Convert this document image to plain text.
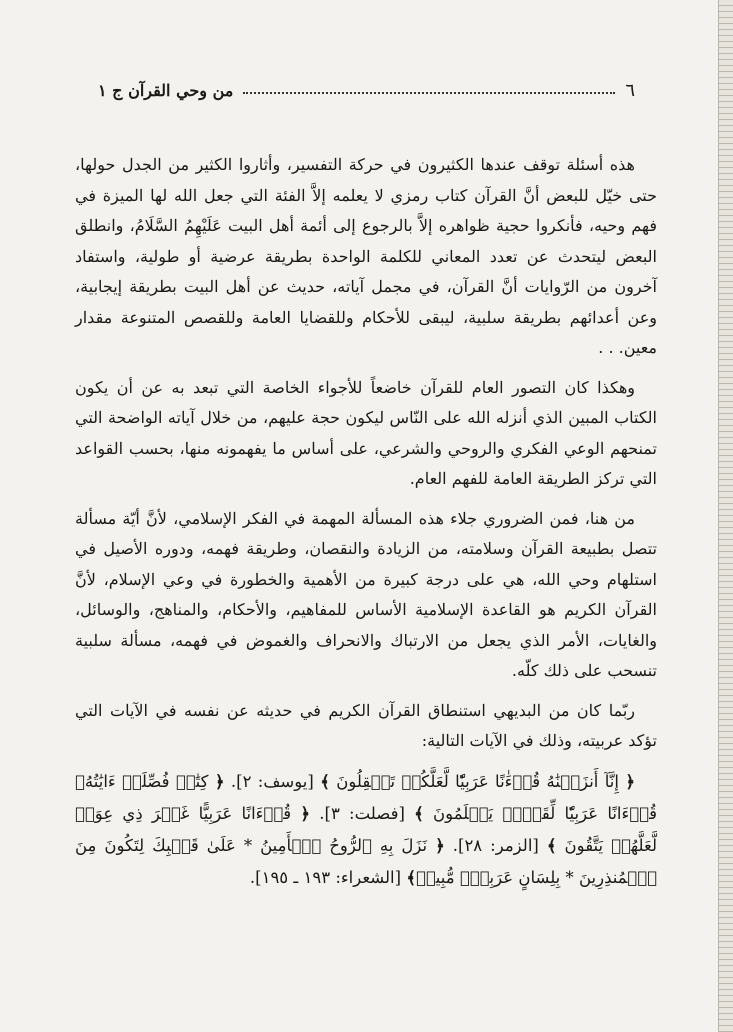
٦
من وحي القرآن ج ١

هذه أسئلة توقف عندها الكثيرون في حركة التفسير، وأثاروا الكثير من الجدل حولها، حتى خيّل للبعض أنَّ القرآن كتاب رمزي لا يعلمه إلاَّ الفئة التي جعل الله لها الميزة في فهم وحيه، فأنكروا حجية ظواهره إلاَّ بالرجوع إلى أئمة أهل البيت عَلَيْهِمُ السَّلَامُ، وانطلق البعض ليتحدث عن تعدد المعاني للكلمة الواحدة بطريقة عرضية أو طولية، واستفاد آخرون من الرّوايات أنَّ القرآن، في مجمل آياته، حديث عن أهل البيت بطريقة إيجابية، وعن أعدائهم بطريقة سلبية، ليبقى للأحكام وللقضايا العامة وللقصص المتنوعة مقدار معين. . .

وهكذا كان التصور العام للقرآن خاضعاً للأجواء الخاصة التي تبعد به عن أن يكون الكتاب المبين الذي أنزله الله على النّاس ليكون حجة عليهم، من خلال آياته الواضحة التي تمنحهم الوعي الفكري والروحي والشرعي، على أساس ما يفهمونه منها، بحسب القواعد التي تركز الطريقة العامة للفهم العام.

من هنا، فمن الضروري جلاء هذه المسألة المهمة في الفكر الإسلامي، لأنَّ أيّة مسألة تتصل بطبيعة القرآن وسلامته، من الزيادة والنقصان، وطريقة فهمه، ودوره الأصيل في استلهام وحي الله، هي على درجة كبيرة من الأهمية والخطورة في وعي الإسلام، لأنَّ القرآن الكريم هو القاعدة الإسلامية الأساس للمفاهيم، والأحكام، والمناهج، والوسائل، والغايات، الأمر الذي يجعل من الارتباك والانحراف والغموض في فهمه، مسألة سلبية تنسحب على ذلك كلّه.

ربّما كان من البديهي استنطاق القرآن الكريم في حديثه عن نفسه في الآيات التي تؤكد عربيته، وذلك في الآيات التالية:

﴿ إِنَّآ أَنزَلۡنَٰهُ قُرۡءَٰنًا عَرَبِيّٗا لَّعَلَّكُمۡ تَعۡقِلُونَ ﴾ [يوسف: ٢]. ﴿ كِتَٰبٞ فُصِّلَتۡ ءَايَٰتُهُۥ قُرۡءَانًا عَرَبِيّٗا لِّقَوۡمٖ يَعۡلَمُونَ ﴾ [فصلت: ٣]. ﴿ قُرۡءَانًا عَرَبِيًّا غَيۡرَ ذِي عِوَجٖ لَّعَلَّهُمۡ يَتَّقُونَ ﴾ [الزمر: ٢٨]. ﴿ نَزَلَ بِهِ ٱلرُّوحُ ٱلۡأَمِينُ * عَلَىٰ قَلۡبِكَ لِتَكُونَ مِنَ ٱلۡمُنذِرِينَ * بِلِسَانٍ عَرَبِيّٖ مُّبِينٖ﴾ [الشعراء: ١٩٣ ـ ١٩٥].
